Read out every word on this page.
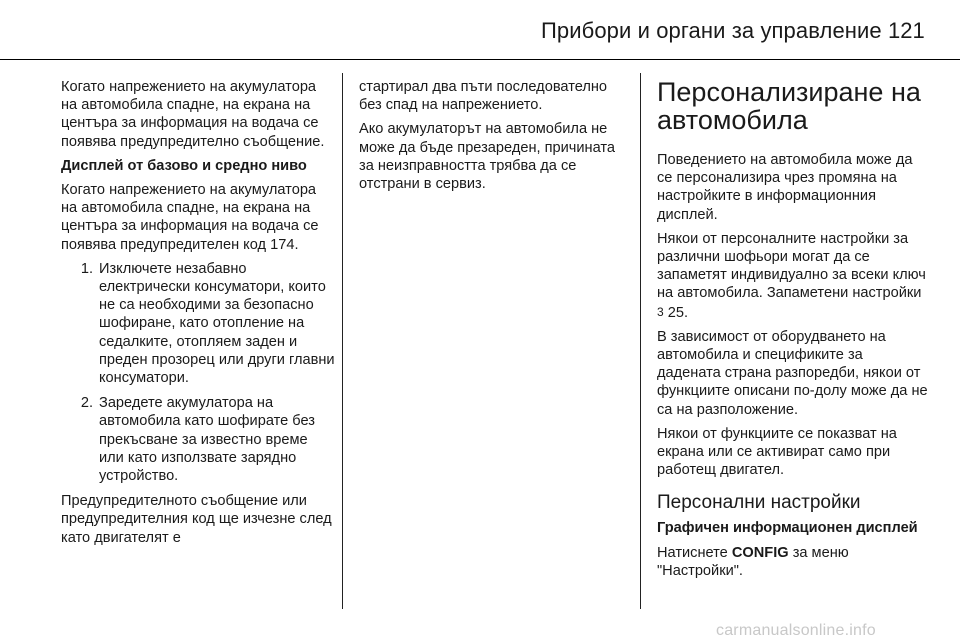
Прибори и органи за управление 121

Когато напрежението на акумулатора на автомобила спадне, на екрана на центъра за информация на водача се появява предупредително съобщение.

Дисплей от базово и средно ниво

Когато напрежението на акумулатора на автомобила спадне, на екрана на центъра за информация на водача се появява предупредителен код 174.

1. Изключете незабавно електрически консуматори, които не са необходими за безопасно шофиране, като отопление на седалките, отопляем заден и преден прозорец или други главни консуматори.
2. Заредете акумулатора на автомобила като шофирате без прекъсване за известно време или като използвате зарядно устройство.

Предупредителното съобщение или предупредителния код ще изчезне след като двигателят е

стартирал два пъти последователно без спад на напрежението.

Ако акумулаторът на автомобила не може да бъде презареден, причината за неизправността трябва да се отстрани в сервиз.

Персонализиране на автомобила

Поведението на автомобила може да се персонализира чрез промяна на настройките в информационния дисплей.

Някои от персоналните настройки за различни шофьори могат да се запаметят индивидуално за всеки ключ на автомобила. Запаметени настройки 3 25.

В зависимост от оборудването на автомобила и спецификите за дадената страна разпоредби, някои от функциите описани по-долу може да не са на разположение.

Някои от функциите се показват на екрана или се активират само при работещ двигател.

Персонални настройки
Графичен информационен дисплей

Натиснете CONFIG за меню "Настройки".

carmanualsonline.info
